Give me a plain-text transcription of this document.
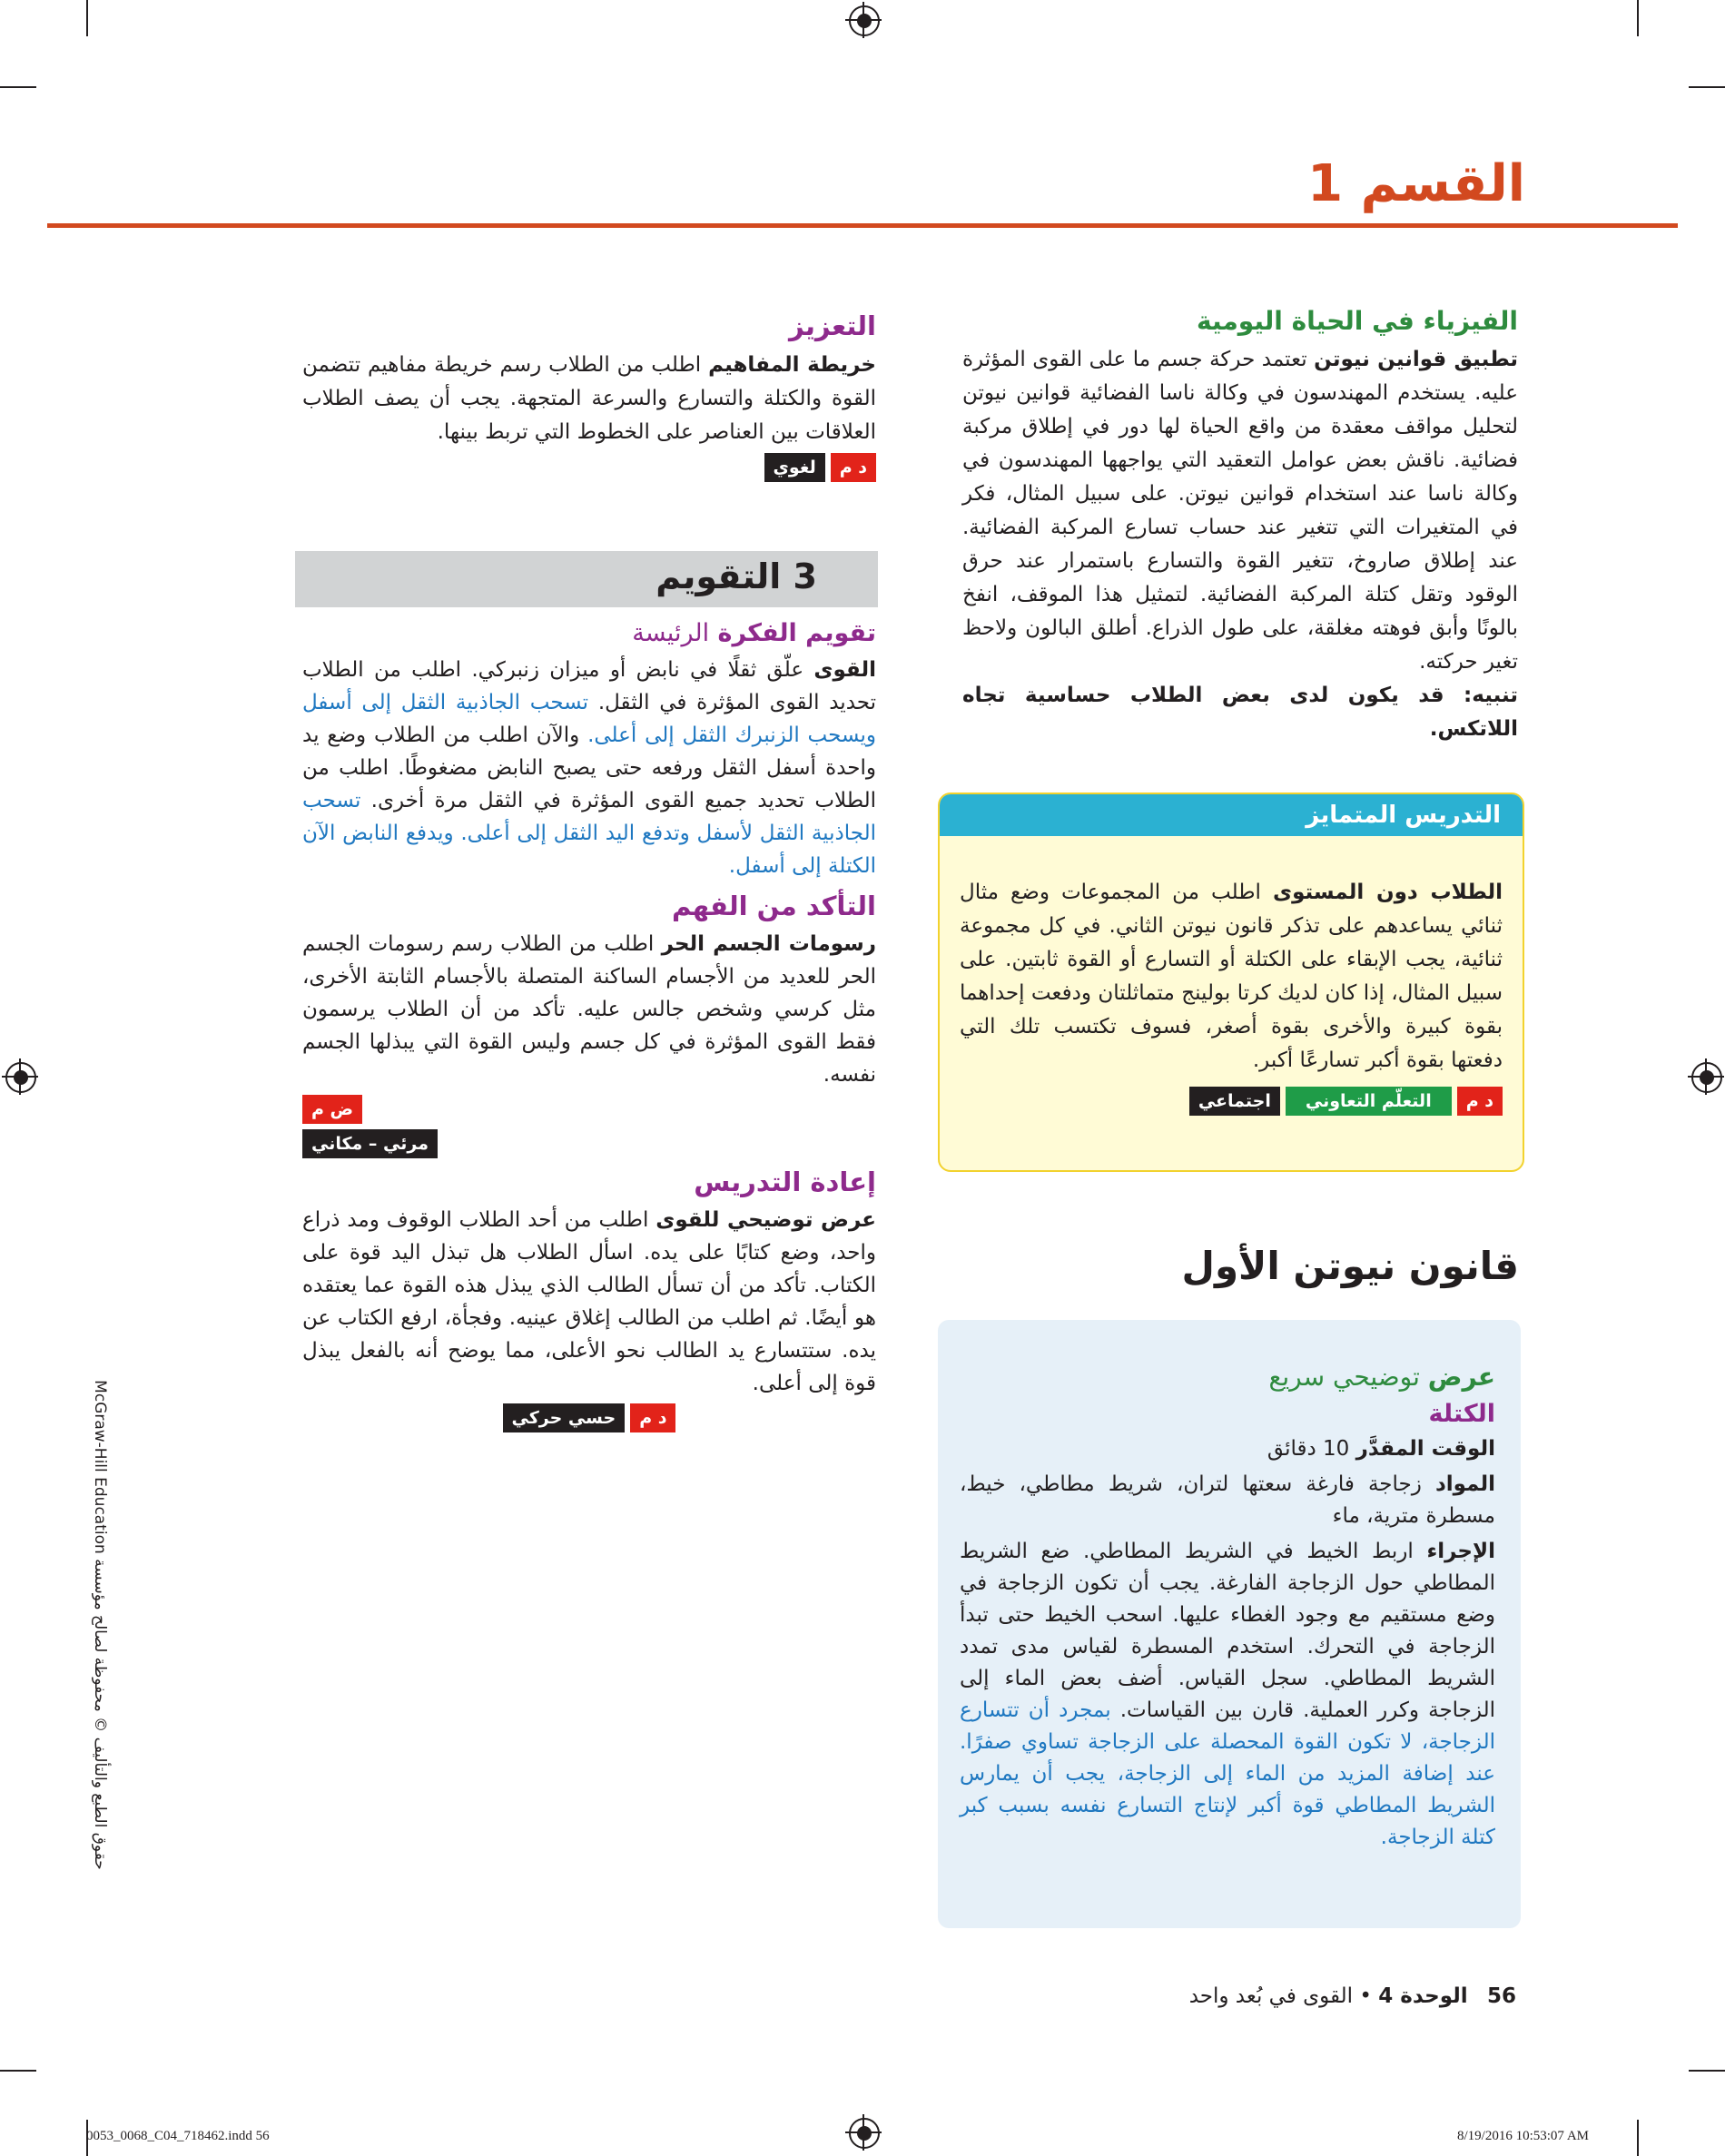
القسم 1
الفيزياء في الحياة اليومية

تطبيق قوانين نيوتن تعتمد حركة جسم ما على القوى المؤثرة عليه. يستخدم المهندسون في وكالة ناسا الفضائية قوانين نيوتن لتحليل مواقف معقدة من واقع الحياة لها دور في إطلاق مركبة فضائية. ناقش بعض عوامل التعقيد التي يواجهها المهندسون في وكالة ناسا عند استخدام قوانين نيوتن. على سبيل المثال، فكر في المتغيرات التي تتغير عند حساب تسارع المركبة الفضائية. عند إطلاق صاروخ، تتغير القوة والتسارع باستمرار عند حرق الوقود وتقل كتلة المركبة الفضائية. لتمثيل هذا الموقف، انفخ بالونًا وأبق فوهته مغلقة، على طول الذراع. أطلق البالون ولاحظ تغير حركته.

تنبيه: قد يكون لدى بعض الطلاب حساسية تجاه اللاتكس.

التدريس المتمايز

الطلاب دون المستوى اطلب من المجموعات وضع مثال ثنائي يساعدهم على تذكر قانون نيوتن الثاني. في كل مجموعة ثنائية، يجب الإبقاء على الكتلة أو التسارع أو القوة ثابتين. على سبيل المثال، إذا كان لديك كرتا بولينج متماثلتان ودفعت إحداهما بقوة كبيرة والأخرى بقوة أصغر، فسوف تكتسب تلك التي دفعتها بقوة أكبر تسارعًا أكبر.

د م
التعلّم التعاوني
اجتماعي
قانون نيوتن الأول
عرض توضيحي سريع
الكتلة

الوقت المقدَّر 10 دقائق

المواد زجاجة فارغة سعتها لتران، شريط مطاطي، خيط، مسطرة مترية، ماء

الإجراء اربط الخيط في الشريط المطاطي. ضع الشريط المطاطي حول الزجاجة الفارغة. يجب أن تكون الزجاجة في وضع مستقيم مع وجود الغطاء عليها. اسحب الخيط حتى تبدأ الزجاجة في التحرك. استخدم المسطرة لقياس مدى تمدد الشريط المطاطي. سجل القياس. أضف بعض الماء إلى الزجاجة وكرر العملية. قارن بين القياسات. بمجرد أن تتسارع الزجاجة، لا تكون القوة المحصلة على الزجاجة تساوي صفرًا. عند إضافة المزيد من الماء إلى الزجاجة، يجب أن يمارس الشريط المطاطي قوة أكبر لإنتاج التسارع نفسه بسبب كبر كتلة الزجاجة.

التعزيز

خريطة المفاهيم اطلب من الطلاب رسم خريطة مفاهيم تتضمن القوة والكتلة والتسارع والسرعة المتجهة. يجب أن يصف الطلاب العلاقات بين العناصر على الخطوط التي تربط بينها.

د م
لغوي
3 التقويم
تقويم الفكرة الرئيسة

القوى علّق ثقلًا في نابض أو ميزان زنبركي. اطلب من الطلاب تحديد القوى المؤثرة في الثقل. تسحب الجاذبية الثقل إلى أسفل ويسحب الزنبرك الثقل إلى أعلى. والآن اطلب من الطلاب وضع يد واحدة أسفل الثقل ورفعه حتى يصبح النابض مضغوطًا. اطلب من الطلاب تحديد جميع القوى المؤثرة في الثقل مرة أخرى. تسحب الجاذبية الثقل لأسفل وتدفع اليد الثقل إلى أعلى. ويدفع النابض الآن الكتلة إلى أسفل.

التأكد من الفهم

رسومات الجسم الحر اطلب من الطلاب رسم رسومات الجسم الحر للعديد من الأجسام الساكنة المتصلة بالأجسام الثابتة الأخرى، مثل كرسي وشخص جالس عليه. تأكد من أن الطلاب يرسمون فقط القوى المؤثرة في كل جسم وليس القوة التي يبذلها الجسم نفسه.

ض م
مرئي – مكاني
إعادة التدريس

عرض توضيحي للقوى اطلب من أحد الطلاب الوقوف ومد ذراع واحد، وضع كتابًا على يده. اسأل الطلاب هل تبذل اليد قوة على الكتاب. تأكد من أن تسأل الطالب الذي يبذل هذه القوة عما يعتقده هو أيضًا. ثم اطلب من الطالب إغلاق عينيه. وفجأة، ارفع الكتاب عن يده. ستتسارع يد الطالب نحو الأعلى، مما يوضح أنه بالفعل يبذل قوة إلى أعلى.

د م
حسي حركي
56 الوحدة 4 • القوى في بُعد واحد
حقوق الطبع والتأليف © محفوظة لصالح مؤسسة McGraw-Hill Education
0053_0068_C04_718462.indd 56	8/19/2016 10:53:07 AM
